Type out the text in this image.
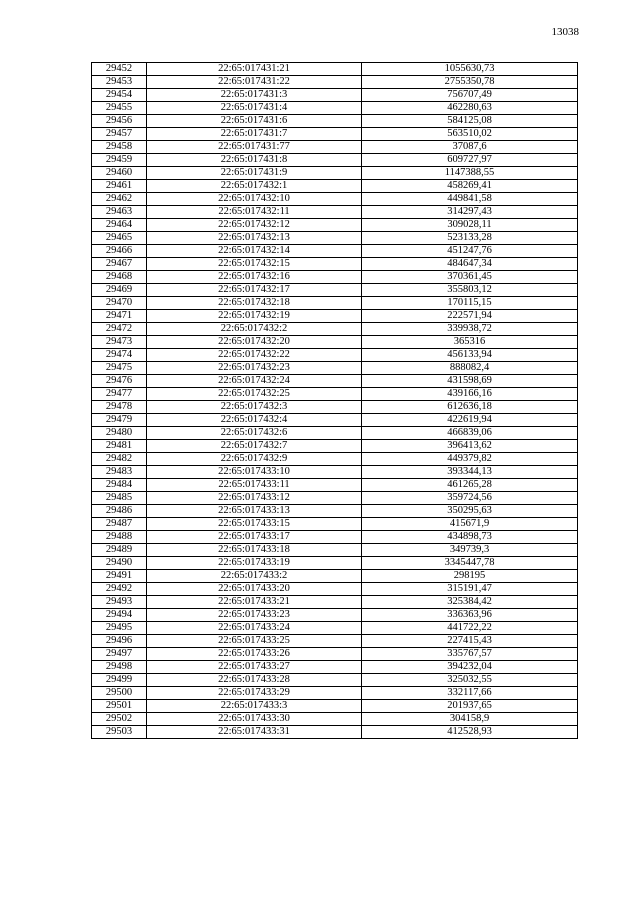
13038
29452	22:65:017431:21	1055630,73
29453	22:65:017431:22	2755350,78
29454	22:65:017431:3	756707,49
29455	22:65:017431:4	462280,63
29456	22:65:017431:6	584125,08
29457	22:65:017431:7	563510,02
29458	22:65:017431:77	37087,6
29459	22:65:017431:8	609727,97
29460	22:65:017431:9	1147388,55
29461	22:65:017432:1	458269,41
29462	22:65:017432:10	449841,58
29463	22:65:017432:11	314297,43
29464	22:65:017432:12	309028,11
29465	22:65:017432:13	523133,28
29466	22:65:017432:14	451247,76
29467	22:65:017432:15	484647,34
29468	22:65:017432:16	370361,45
29469	22:65:017432:17	355803,12
29470	22:65:017432:18	170115,15
29471	22:65:017432:19	222571,94
29472	22:65:017432:2	339938,72
29473	22:65:017432:20	365316
29474	22:65:017432:22	456133,94
29475	22:65:017432:23	888082,4
29476	22:65:017432:24	431598,69
29477	22:65:017432:25	439166,16
29478	22:65:017432:3	612636,18
29479	22:65:017432:4	422619,94
29480	22:65:017432:6	466839,06
29481	22:65:017432:7	396413,62
29482	22:65:017432:9	449379,82
29483	22:65:017433:10	393344,13
29484	22:65:017433:11	461265,28
29485	22:65:017433:12	359724,56
29486	22:65:017433:13	350295,63
29487	22:65:017433:15	415671,9
29488	22:65:017433:17	434898,73
29489	22:65:017433:18	349739,3
29490	22:65:017433:19	3345447,78
29491	22:65:017433:2	298195
29492	22:65:017433:20	315191,47
29493	22:65:017433:21	325384,42
29494	22:65:017433:23	336363,96
29495	22:65:017433:24	441722,22
29496	22:65:017433:25	227415,43
29497	22:65:017433:26	335767,57
29498	22:65:017433:27	394232,04
29499	22:65:017433:28	325032,55
29500	22:65:017433:29	332117,66
29501	22:65:017433:3	201937,65
29502	22:65:017433:30	304158,9
29503	22:65:017433:31	412528,93
